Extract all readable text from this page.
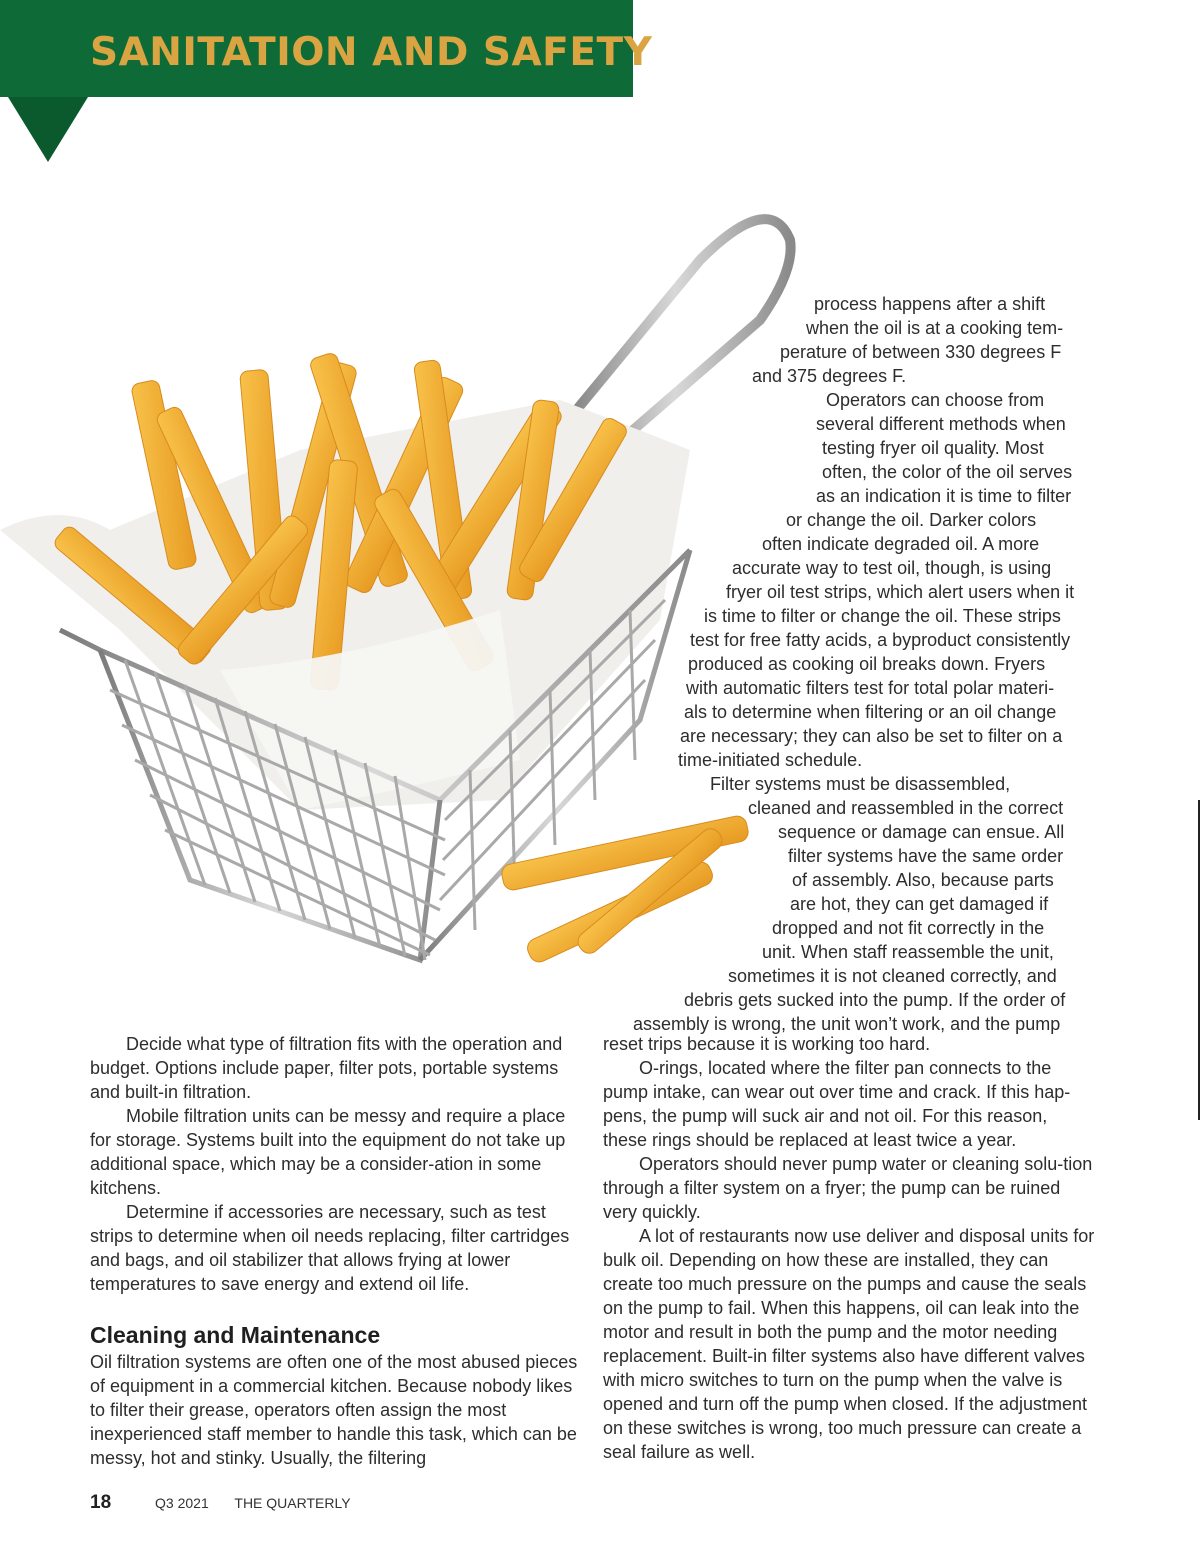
SANITATION AND SAFETY
process happens after a shift
when the oil is at a cooking tem-
perature of between 330 degrees F
and 375 degrees F.
Operators can choose from
several different methods when
testing fryer oil quality. Most
often, the color of the oil serves
as an indication it is time to filter
or change the oil. Darker colors
often indicate degraded oil. A more
accurate way to test oil, though, is using
fryer oil test strips, which alert users when it
is time to filter or change the oil. These strips
test for free fatty acids, a byproduct consistently
produced as cooking oil breaks down. Fryers
with automatic filters test for total polar materi-
als to determine when filtering or an oil change
are necessary; they can also be set to filter on a
time-initiated schedule.
Filter systems must be disassembled,
cleaned and reassembled in the correct
sequence or damage can ensue. All
filter systems have the same order
of assembly. Also, because parts
are hot, they can get damaged if
dropped and not fit correctly in the
unit. When staff reassemble the unit,
sometimes it is not cleaned correctly, and
debris gets sucked into the pump. If the order of
assembly is wrong, the unit won’t work, and the pump

Decide what type of filtration fits with the operation and budget. Options include paper, filter pots, portable systems and built-in filtration.

Mobile filtration units can be messy and require a place for storage. Systems built into the equipment do not take up additional space, which may be a consider-ation in some kitchens.

Determine if accessories are necessary, such as test strips to determine when oil needs replacing, filter cartridges and bags, and oil stabilizer that allows frying at lower temperatures to save energy and extend oil life.

Cleaning and Maintenance

Oil filtration systems are often one of the most abused pieces of equipment in a commercial kitchen. Because nobody likes to filter their grease, operators often assign the most inexperienced staff member to handle this task, which can be messy, hot and stinky. Usually, the filtering

reset trips because it is working too hard.

O-rings, located where the filter pan connects to the pump intake, can wear out over time and crack. If this hap-pens, the pump will suck air and not oil. For this reason, these rings should be replaced at least twice a year.

Operators should never pump water or cleaning solu-tion through a filter system on a fryer; the pump can be ruined very quickly.

A lot of restaurants now use deliver and disposal units for bulk oil. Depending on how these are installed, they can create too much pressure on the pumps and cause the seals on the pump to fail. When this happens, oil can leak into the motor and result in both the pump and the motor needing replacement. Built-in filter systems also have different valves with micro switches to turn on the pump when the valve is opened and turn off the pump when closed. If the adjustment on these switches is wrong, too much pressure can create a seal failure as well.

18	Q3 2021 THE QUARTERLY
